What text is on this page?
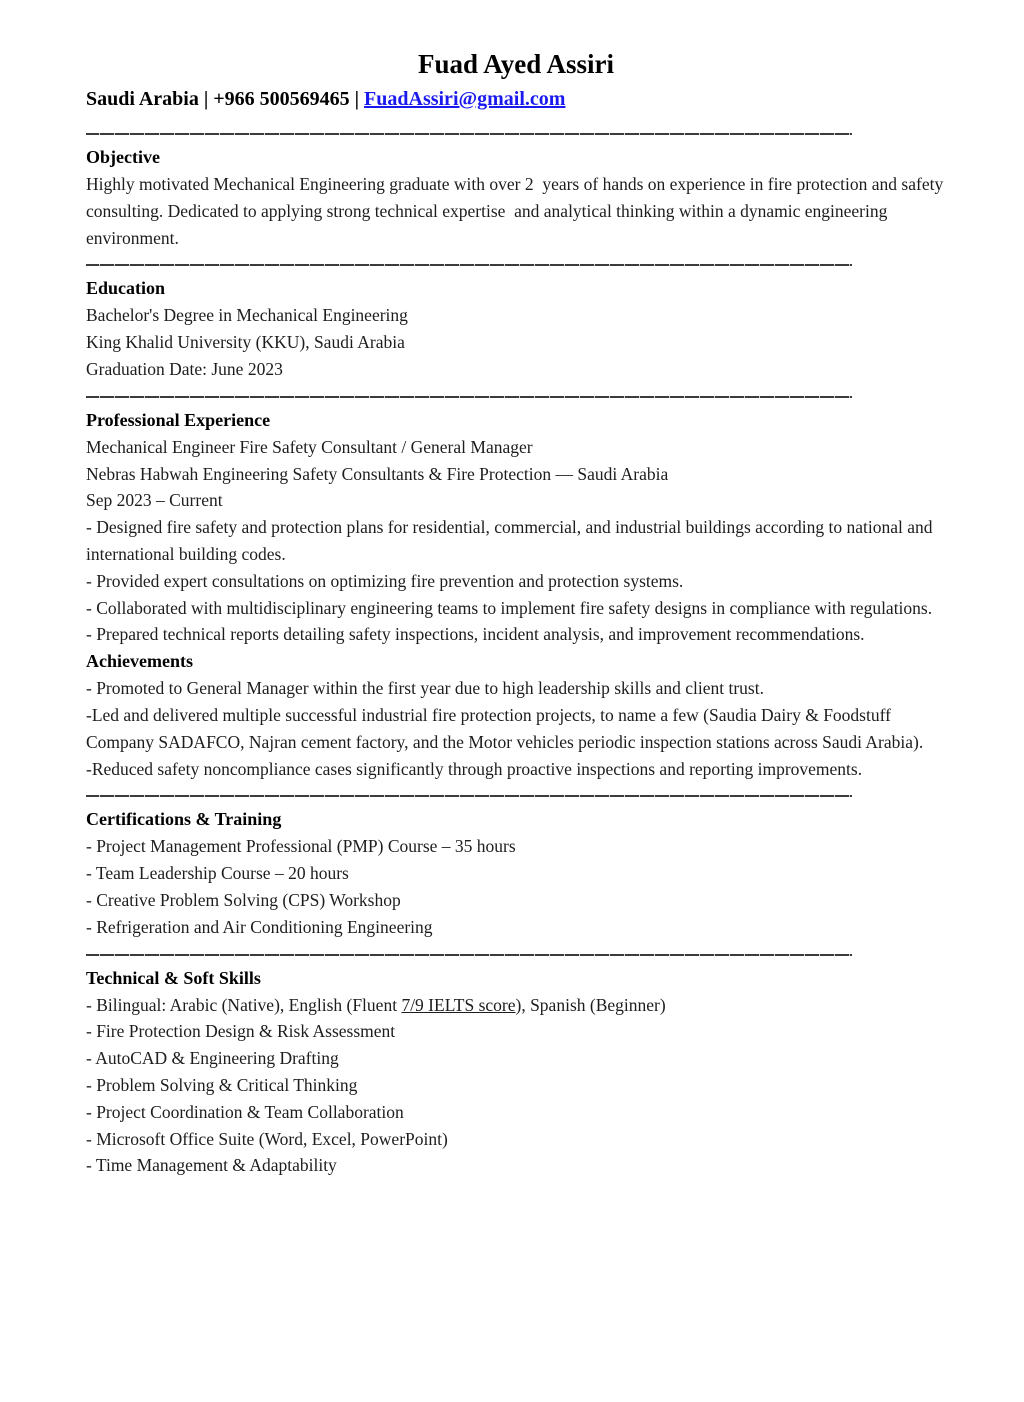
Fuad Ayed Assiri
Saudi Arabia | +966 500569465 | FuadAssiri@gmail.com
Objective
Highly motivated Mechanical Engineering graduate with over 2  years of hands on experience in fire protection and safety consulting. Dedicated to applying strong technical expertise  and analytical thinking within a dynamic engineering environment.
Education
Bachelor's Degree in Mechanical Engineering
King Khalid University (KKU), Saudi Arabia
Graduation Date: June 2023
Professional Experience
Mechanical Engineer Fire Safety Consultant / General Manager
Nebras Habwah Engineering Safety Consultants & Fire Protection — Saudi Arabia
Sep 2023 – Current
- Designed fire safety and protection plans for residential, commercial, and industrial buildings according to national and international building codes.
- Provided expert consultations on optimizing fire prevention and protection systems.
- Collaborated with multidisciplinary engineering teams to implement fire safety designs in compliance with regulations.
- Prepared technical reports detailing safety inspections, incident analysis, and improvement recommendations.
Achievements
- Promoted to General Manager within the first year due to high leadership skills and client trust.
-Led and delivered multiple successful industrial fire protection projects, to name a few (Saudia Dairy & Foodstuff Company SADAFCO, Najran cement factory, and the Motor vehicles periodic inspection stations across Saudi Arabia).
-Reduced safety noncompliance cases significantly through proactive inspections and reporting improvements.
Certifications & Training
- Project Management Professional (PMP) Course – 35 hours
- Team Leadership Course – 20 hours
- Creative Problem Solving (CPS) Workshop
- Refrigeration and Air Conditioning Engineering
Technical & Soft Skills
- Bilingual: Arabic (Native), English (Fluent 7/9 IELTS score), Spanish (Beginner)
- Fire Protection Design & Risk Assessment
- AutoCAD & Engineering Drafting
- Problem Solving & Critical Thinking
- Project Coordination & Team Collaboration
- Microsoft Office Suite (Word, Excel, PowerPoint)
- Time Management & Adaptability
